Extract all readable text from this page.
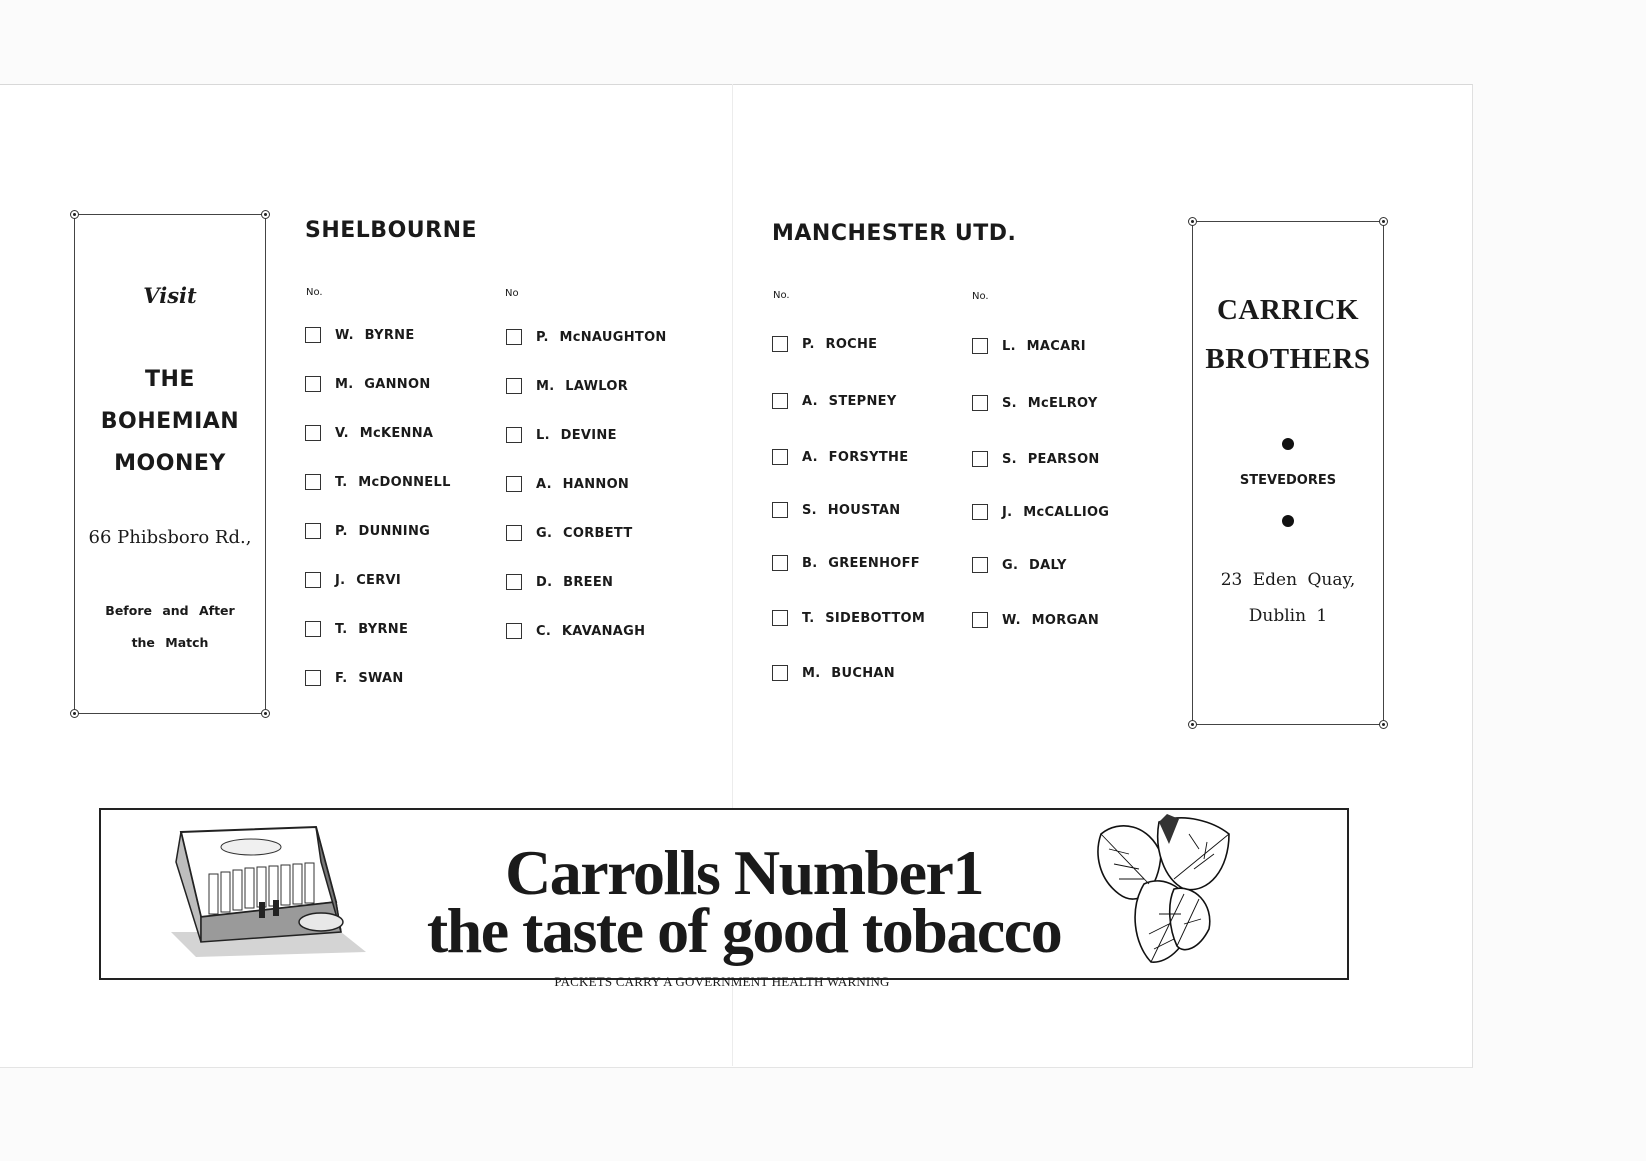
Visit
THE
BOHEMIAN
MOONEY
66 Phibsboro Rd.,
Before and After
the Match
SHELBOURNE
No.	No
W. BYRNE
M. GANNON
V. McKENNA
T. McDONNELL
P. DUNNING
J. CERVI
T. BYRNE
F. SWAN
P. McNAUGHTON
M. LAWLOR
L. DEVINE
A. HANNON
G. CORBETT
D. BREEN
C. KAVANAGH
MANCHESTER UTD.
No.	No.
P. ROCHE
A. STEPNEY
A. FORSYTHE
S. HOUSTAN
B. GREENHOFF
T. SIDEBOTTOM
M. BUCHAN
L. MACARI
S. McELROY
S. PEARSON
J. McCALLIOG
G. DALY
W. MORGAN
CARRICK
BROTHERS
STEVEDORES
23 Eden Quay,
Dublin 1
Carrolls Number1
the taste of good tobacco
PACKETS CARRY A GOVERNMENT HEALTH WARNING
